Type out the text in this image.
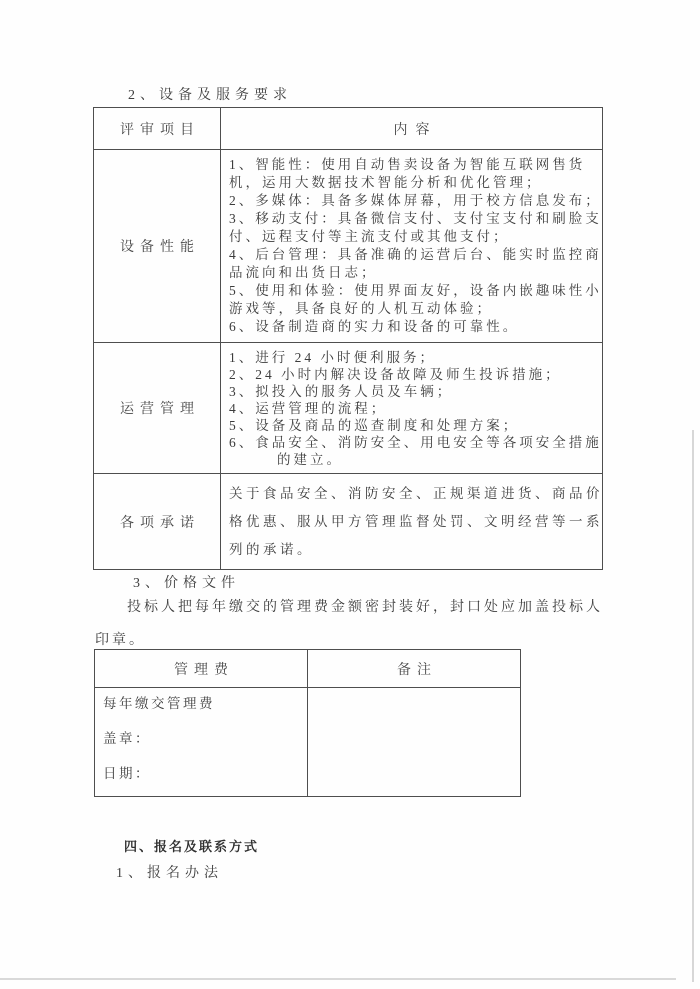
2、设备及服务要求
评审项目	内容
设备性能
1、智能性：使用自动售卖设备为智能互联网售货
机，运用大数据技术智能分析和优化管理；
2、多媒体：具备多媒体屏幕，用于校方信息发布；
3、移动支付：具备微信支付、支付宝支付和刷脸支
付、远程支付等主流支付或其他支付；
4、后台管理：具备准确的运营后台、能实时监控商
品流向和出货日志；
5、使用和体验：使用界面友好，设备内嵌趣味性小
游戏等，具备良好的人机互动体验；
6、设备制造商的实力和设备的可靠性。
运营管理
1、进行 24 小时便利服务；
2、24 小时内解决设备故障及师生投诉措施；
3、拟投入的服务人员及车辆；
4、运营管理的流程；
5、设备及商品的巡查制度和处理方案；
6、食品安全、消防安全、用电安全等各项安全措施
的建立。
各项承诺
关于食品安全、消防安全、正规渠道进货、商品价
格优惠、服从甲方管理监督处罚、文明经营等一系
列的承诺。
3、价格文件
投标人把每年缴交的管理费金额密封装好，封口处应加盖投标人
印章。
管理费	备注
每年缴交管理费
盖章：
日期：
四、报名及联系方式
1、报名办法
